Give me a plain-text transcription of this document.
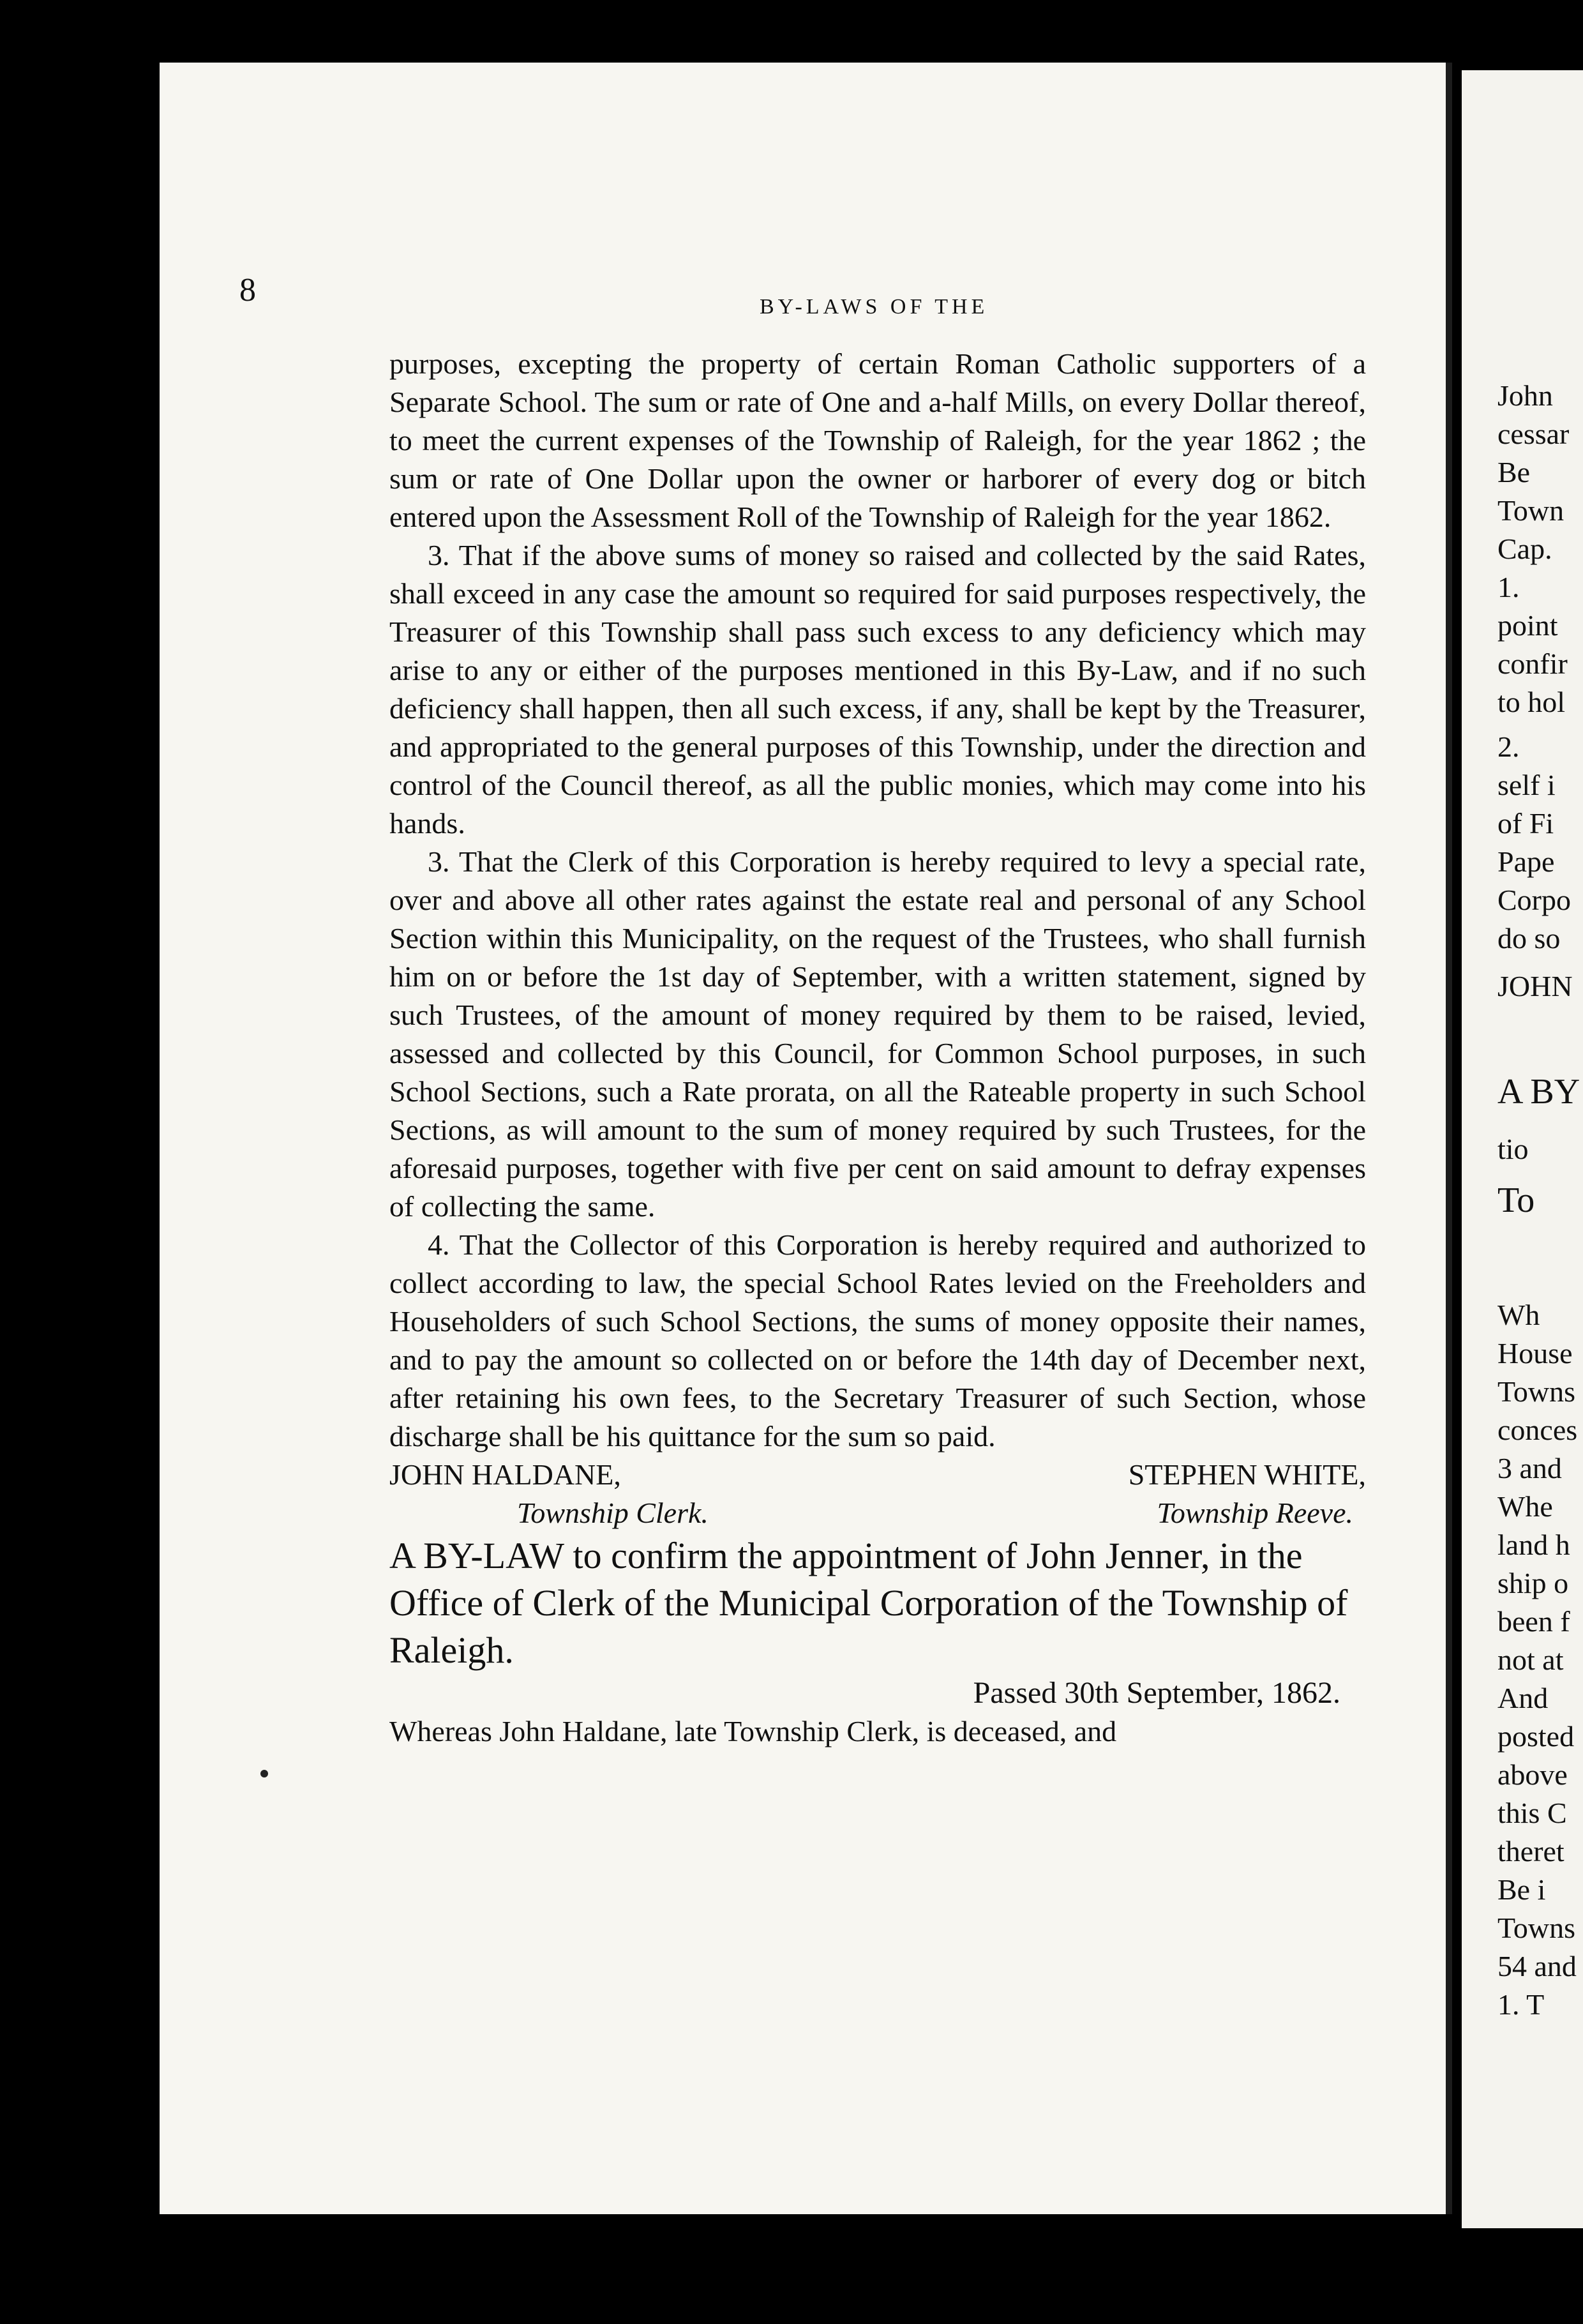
8	BY-LAWS OF THE

purposes, excepting the property of certain Roman Catholic supporters of a Separate School. The sum or rate of One and a-half Mills, on every Dollar thereof, to meet the current expenses of the Township of Raleigh, for the year 1862 ; the sum or rate of One Dollar upon the owner or harborer of every dog or bitch entered upon the Assessment Roll of the Township of Raleigh for the year 1862.

3. That if the above sums of money so raised and collected by the said Rates, shall exceed in any case the amount so required for said purposes respectively, the Treasurer of this Township shall pass such excess to any deficiency which may arise to any or either of the purposes mentioned in this By-Law, and if no such deficiency shall happen, then all such excess, if any, shall be kept by the Treasurer, and appropriated to the general purposes of this Township, under the direction and control of the Council thereof, as all the public monies, which may come into his hands.

3. That the Clerk of this Corporation is hereby required to levy a special rate, over and above all other rates against the estate real and personal of any School Section within this Municipality, on the request of the Trustees, who shall furnish him on or before the 1st day of September, with a written statement, signed by such Trustees, of the amount of money required by them to be raised, levied, assessed and collected by this Council, for Common School purposes, in such School Sections, such a Rate prorata, on all the Rateable property in such School Sections, as will amount to the sum of money required by such Trustees, for the aforesaid purposes, together with five per cent on said amount to defray expenses of collecting the same.

4. That the Collector of this Corporation is hereby required and authorized to collect according to law, the special School Rates levied on the Freeholders and Householders of such School Sections, the sums of money opposite their names, and to pay the amount so collected on or before the 14th day of December next, after retaining his own fees, to the Secretary Treasurer of such Section, whose discharge shall be his quittance for the sum so paid.

JOHN HALDANE,	STEPHEN WHITE,
Township Clerk.	Township Reeve.

A BY-LAW to confirm the appointment of John Jenner, in the Office of Clerk of the Municipal Corporation of the Township of Raleigh.

Passed 30th September, 1862.

Whereas John Haldane, late Township Clerk, is deceased, and

John
cessar
Be
Town
Cap.
1.
point
confir
to hol
2.
self i
of Fi
Pape
Corpo
do so
JOHN
A BY
tio
To
Wh
House
Towns
conces
3 and
Whe
land h
ship o
been f
not at
And
posted
above
this C
theret
Be i
Towns
54 and
1. T
